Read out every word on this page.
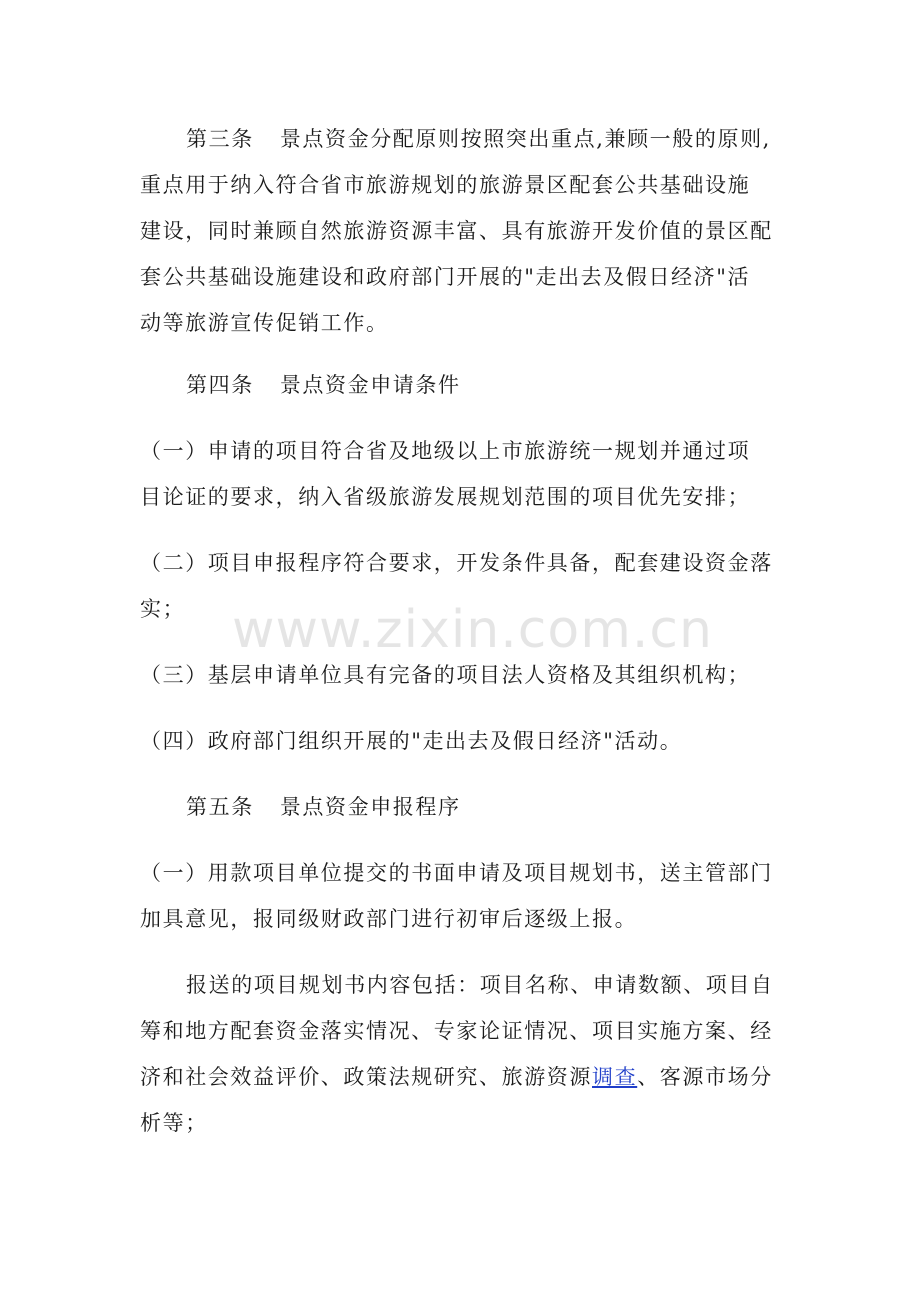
www.zixin.com.cn
第三条 景点资金分配原则按照突出重点,兼顾一般的原则,
重点用于纳入符合省市旅游规划的旅游景区配套公共基础设施
建设，同时兼顾自然旅游资源丰富、具有旅游开发价值的景区配
套公共基础设施建设和政府部门开展的"走出去及假日经济"活
动等旅游宣传促销工作。
第四条 景点资金申请条件
（一）申请的项目符合省及地级以上市旅游统一规划并通过项
目论证的要求，纳入省级旅游发展规划范围的项目优先安排；
（二）项目申报程序符合要求，开发条件具备，配套建设资金落
实；
（三）基层申请单位具有完备的项目法人资格及其组织机构；
（四）政府部门组织开展的"走出去及假日经济"活动。
第五条 景点资金申报程序
（一）用款项目单位提交的书面申请及项目规划书，送主管部门
加具意见，报同级财政部门进行初审后逐级上报。
报送的项目规划书内容包括：项目名称、申请数额、项目自
筹和地方配套资金落实情况、专家论证情况、项目实施方案、经
济和社会效益评价、政策法规研究、旅游资源调查、客源市场分
析等；
